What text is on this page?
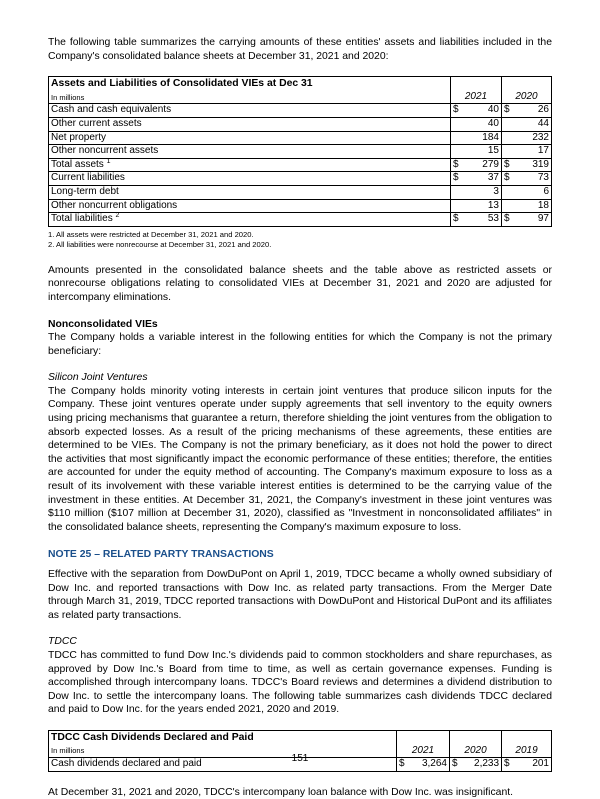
The following table summarizes the carrying amounts of these entities' assets and liabilities included in the Company's consolidated balance sheets at December 31, 2021 and 2020:

Assets and Liabilities of Consolidated VIEs at Dec 31				
In millions	2021		2020	
Cash and cash equivalents	$	40	$	26
Other current assets		40		44
Net property		184		232
Other noncurrent assets		15		17
Total assets $^1$	$	279	$	319
Current liabilities	$	37	$	73
Long-term debt		3		6
Other noncurrent obligations		13		18
Total liabilities $^2$	$	53	$	97
1. All assets were restricted at December 31, 2021 and 2020.
2. All liabilities were nonrecourse at December 31, 2021 and 2020.

Amounts presented in the consolidated balance sheets and the table above as restricted assets or nonrecourse obligations relating to consolidated VIEs at December 31, 2021 and 2020 are adjusted for intercompany eliminations.

Nonconsolidated VIEs

The Company holds a variable interest in the following entities for which the Company is not the primary beneficiary:

Silicon Joint Ventures

The Company holds minority voting interests in certain joint ventures that produce silicon inputs for the Company. These joint ventures operate under supply agreements that sell inventory to the equity owners using pricing mechanisms that guarantee a return, therefore shielding the joint ventures from the obligation to absorb expected losses. As a result of the pricing mechanisms of these agreements, these entities are determined to be VIEs. The Company is not the primary beneficiary, as it does not hold the power to direct the activities that most significantly impact the economic performance of these entities; therefore, the entities are accounted for under the equity method of accounting. The Company's maximum exposure to loss as a result of its involvement with these variable interest entities is determined to be the carrying value of the investment in these entities. At December 31, 2021, the Company's investment in these joint ventures was $110 million ($107 million at December 31, 2020), classified as "Investment in nonconsolidated affiliates" in the consolidated balance sheets, representing the Company's maximum exposure to loss.

NOTE 25 – RELATED PARTY TRANSACTIONS

Effective with the separation from DowDuPont on April 1, 2019, TDCC became a wholly owned subsidiary of Dow Inc. and reported transactions with Dow Inc. as related party transactions. From the Merger Date through March 31, 2019, TDCC reported transactions with DowDuPont and Historical DuPont and its affiliates as related party transactions.

TDCC

TDCC has committed to fund Dow Inc.'s dividends paid to common stockholders and share repurchases, as approved by Dow Inc.'s Board from time to time, as well as certain governance expenses. Funding is accomplished through intercompany loans. TDCC's Board reviews and determines a dividend distribution to Dow Inc. to settle the intercompany loans. The following table summarizes cash dividends TDCC declared and paid to Dow Inc. for the years ended 2021, 2020 and 2019.

TDCC Cash Dividends Declared and Paid						
In millions	2021		2020		2019	
Cash dividends declared and paid	$	3,264	$	2,233	$	201

At December 31, 2021 and 2020, TDCC's intercompany loan balance with Dow Inc. was insignificant.

151
